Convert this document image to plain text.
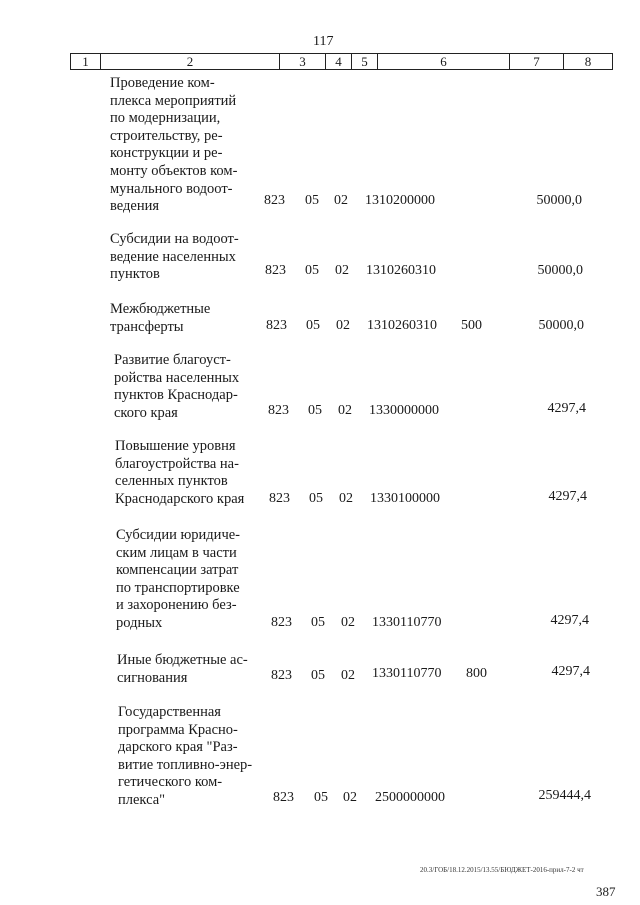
117
1	2	3	4	5	6	7	8
Проведение ком-
плекса мероприятий
по модернизации,
строительству, ре-
конструкции и ре-
монту объектов ком-
мунального водоот-
ведения	823 05 02 1310200000	50000,0
Субсидии на водоот-
ведение населенных
пунктов	823 05 02 1310260310	50000,0
Межбюджетные
трансферты	823 05 02 1310260310 500	50000,0
Развитие благоуст-
ройства населенных
пунктов Краснодар-
ского края	823 05 02 1330000000	4297,4
Повышение уровня
благоустройства на-
селенных пунктов
Краснодарского края	823 05 02 1330100000	4297,4
Субсидии юридиче-
ским лицам в части
компенсации затрат
по транспортировке
и захоронению без-
родных	823 05 02 1330110770	4297,4
Иные бюджетные ас-
сигнования	823 05 02 1330110770 800	4297,4
Государственная
программа Красно-
дарского края "Раз-
витие топливно-энер-
гетического ком-
плекса"	823 05 02 2500000000	259444,4
20.3/ГОБ/18.12.2015/13.55/БЮДЖЕТ-2016-прил-7-2 чт
387
